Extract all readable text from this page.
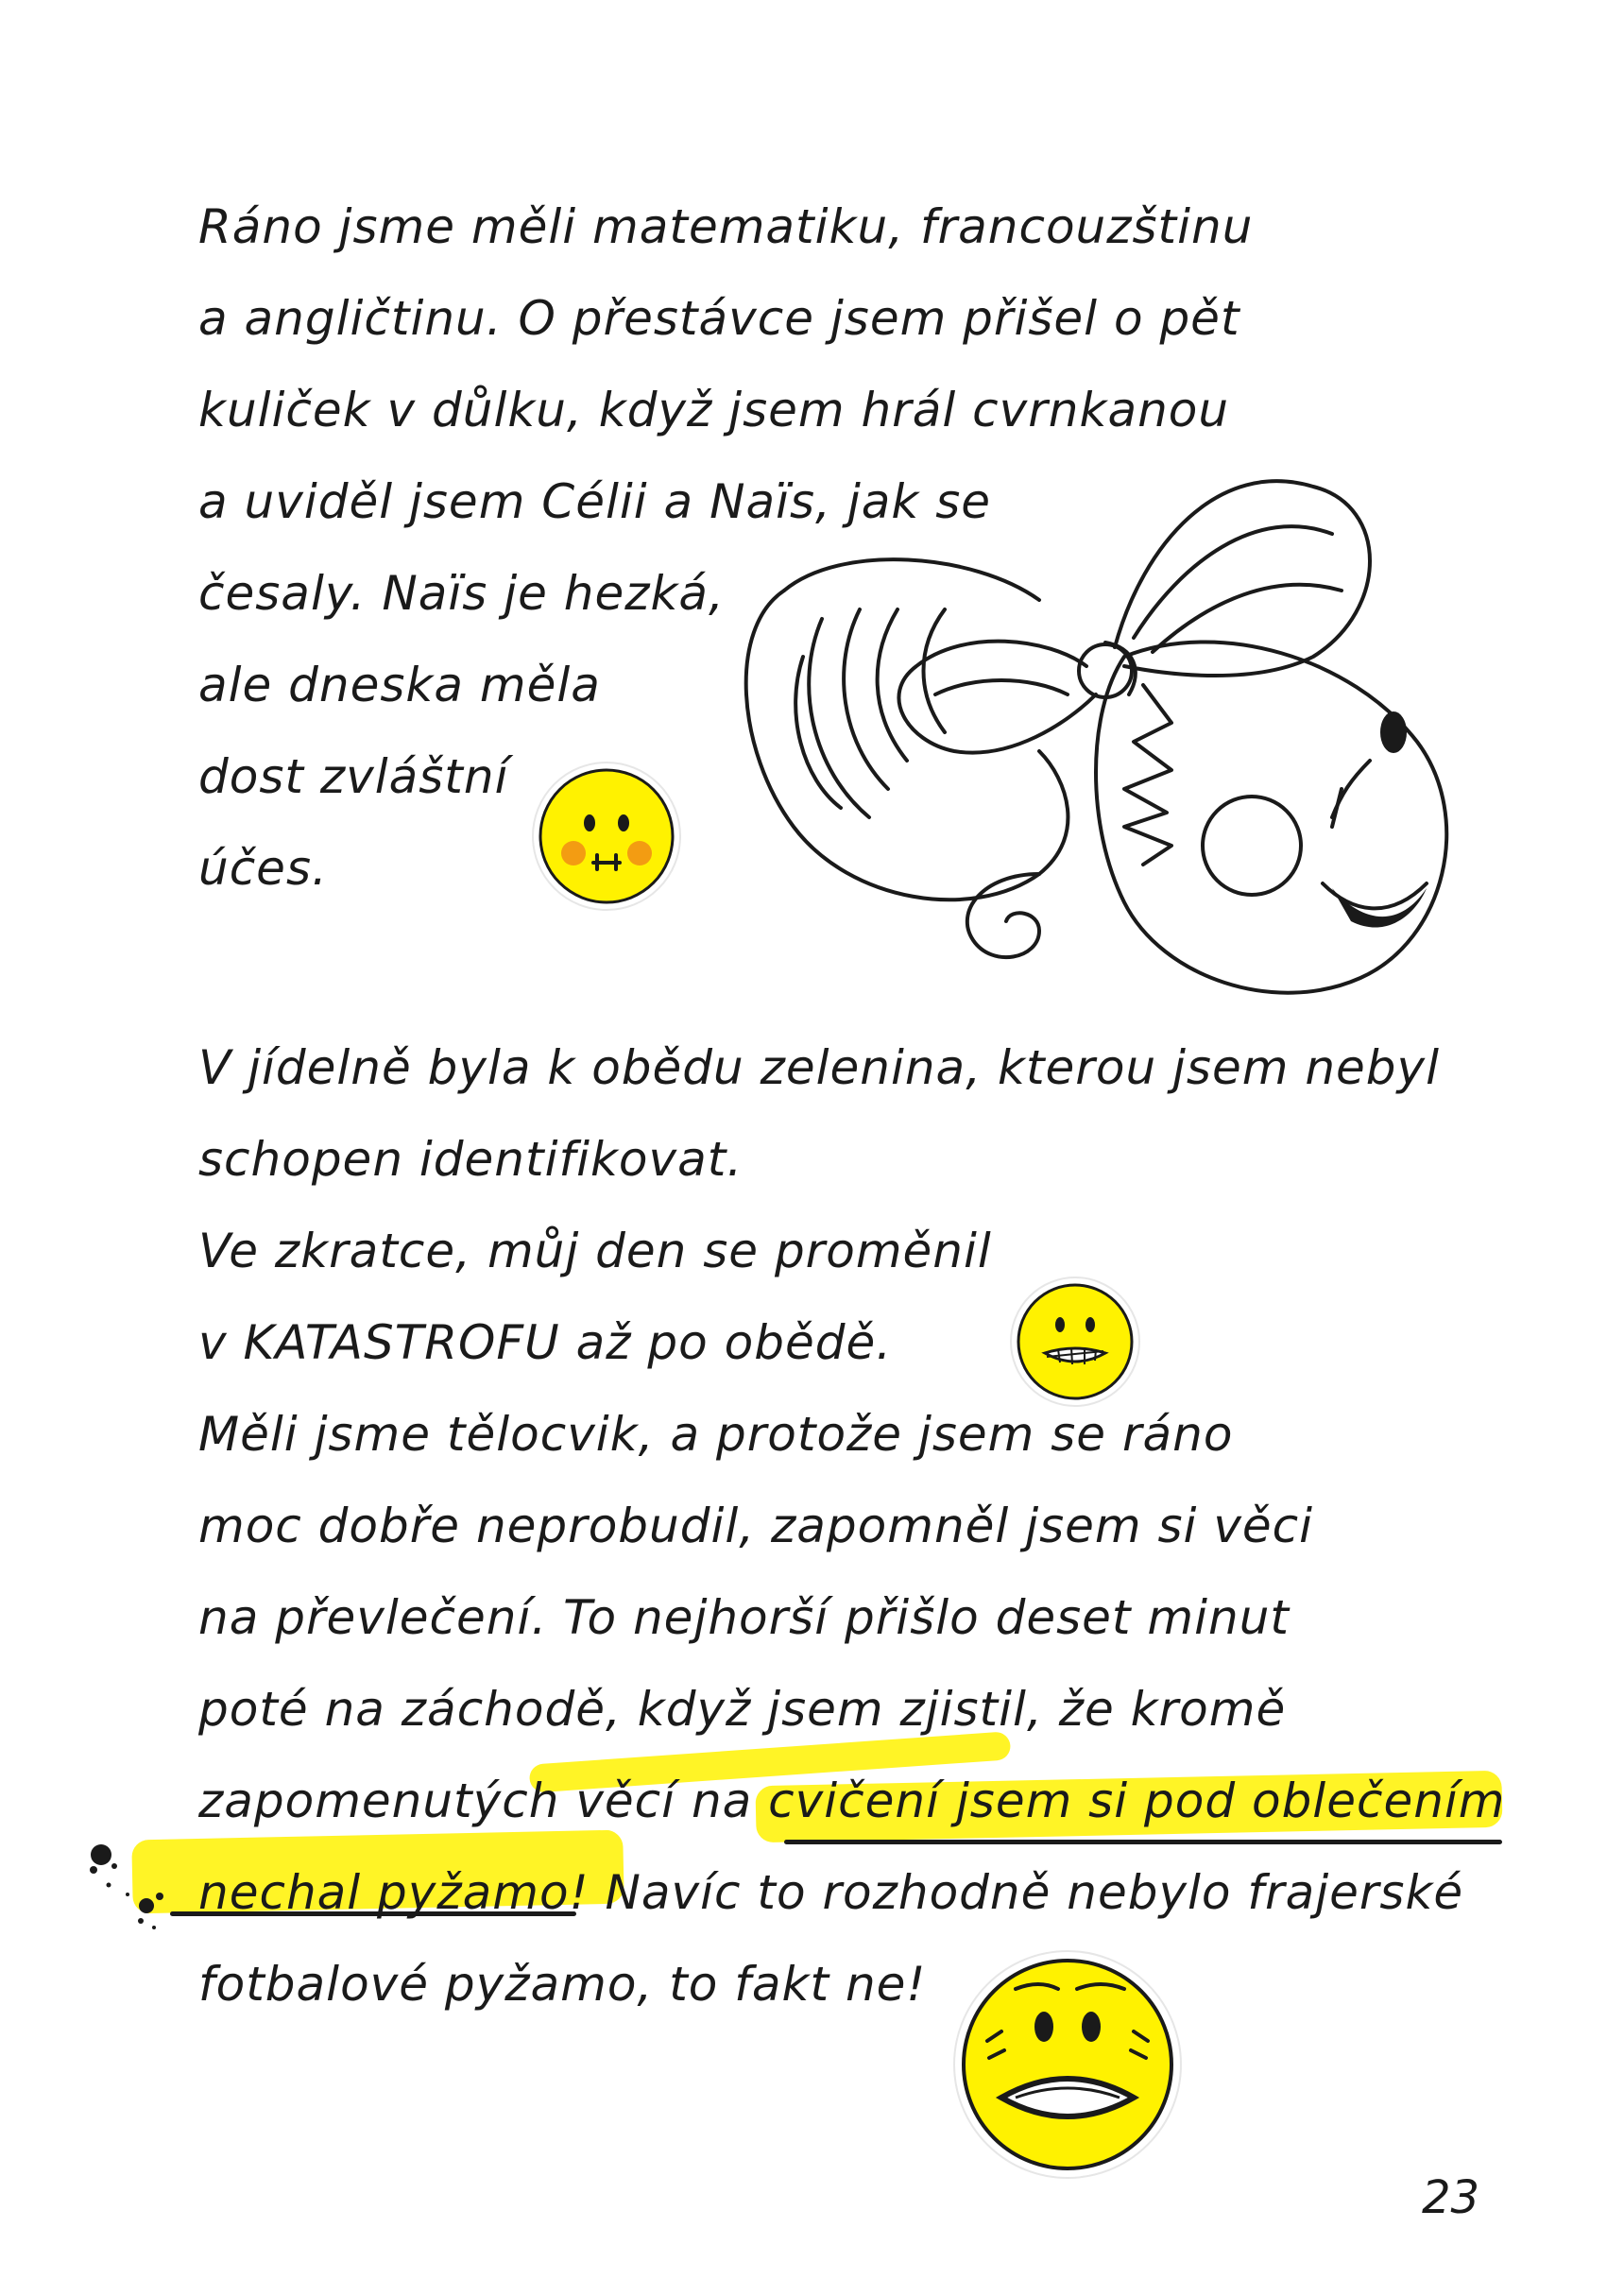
Ráno jsme měli matematiku, francouzštinu
a angličtinu. O přestávce jsem přišel o pět
kuliček v důlku, když jsem hrál cvrnkanou
a uviděl jsem Célii a Naïs, jak se
česaly. Naïs je hezká,
ale dneska měla
dost zvláštní
účes.
V jídelně byla k obědu zelenina, kterou jsem nebyl
schopen identifikovat.
Ve zkratce, můj den se proměnil
v KATASTROFU až po obědě.
Měli jsme tělocvik, a protože jsem se ráno
moc dobře neprobudil, zapomněl jsem si věci
na převlečení. To nejhorší přišlo deset minut
poté na záchodě, když jsem zjistil, že kromě
zapomenutých věcí na cvičení jsem si pod oblečením
nechal pyžamo! Navíc to rozhodně nebylo frajerské
fotbalové pyžamo, to fakt ne!
23
